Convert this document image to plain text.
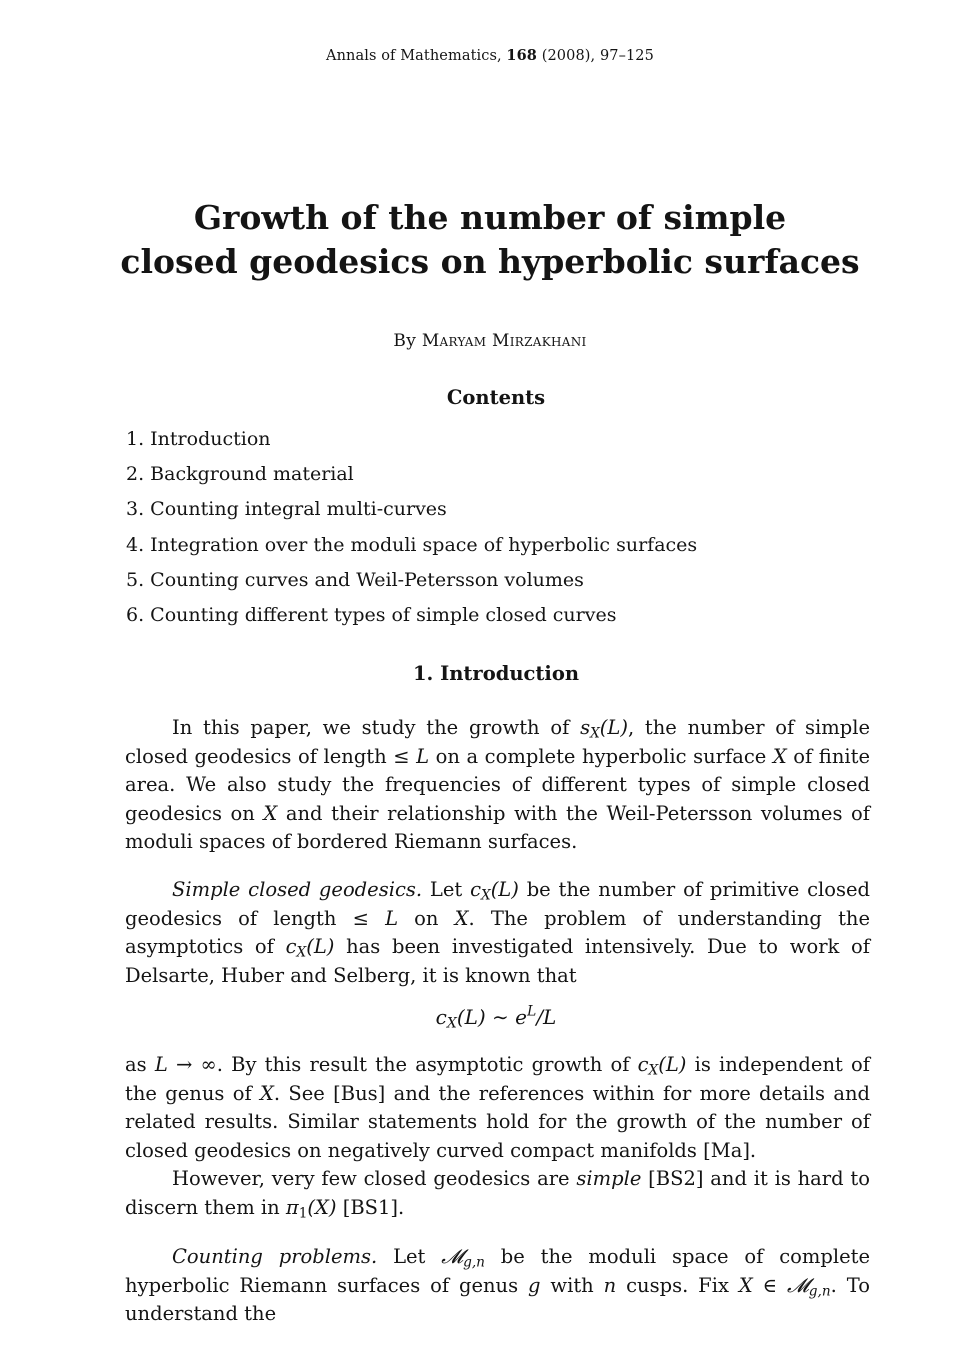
Annals of Mathematics, 168 (2008), 97–125
Growth of the number of simple
closed geodesics on hyperbolic surfaces
By Maryam Mirzakhani
Contents
1. Introduction
2. Background material
3. Counting integral multi-curves
4. Integration over the moduli space of hyperbolic surfaces
5. Counting curves and Weil-Petersson volumes
6. Counting different types of simple closed curves
1. Introduction

In this paper, we study the growth of $s_X(L)$, the number of simple closed geodesics of length ≤ L on a complete hyperbolic surface X of finite area. We also study the frequencies of different types of simple closed geodesics on X and their relationship with the Weil-Petersson volumes of moduli spaces of bordered Riemann surfaces.

Simple closed geodesics. Let $c_X(L)$ be the number of primitive closed geodesics of length ≤ L on X. The problem of understanding the asymptotics of $c_X(L)$ has been investigated intensively. Due to work of Delsarte, Huber and Selberg, it is known that

$c_X(L)$ ∼ $e^L/L$

as L → ∞. By this result the asymptotic growth of $c_X(L)$ is independent of the genus of X. See [Bus] and the references within for more details and related results. Similar statements hold for the growth of the number of closed geodesics on negatively curved compact manifolds [Ma].

However, very few closed geodesics are simple [BS2] and it is hard to discern them in $\pi_1(X)$ [BS1].

Counting problems. Let 𝓜$_{g,n}$ be the moduli space of complete hyperbolic Riemann surfaces of genus g with n cusps. Fix X ∈ 𝓜$_{g,n}$. To understand the
